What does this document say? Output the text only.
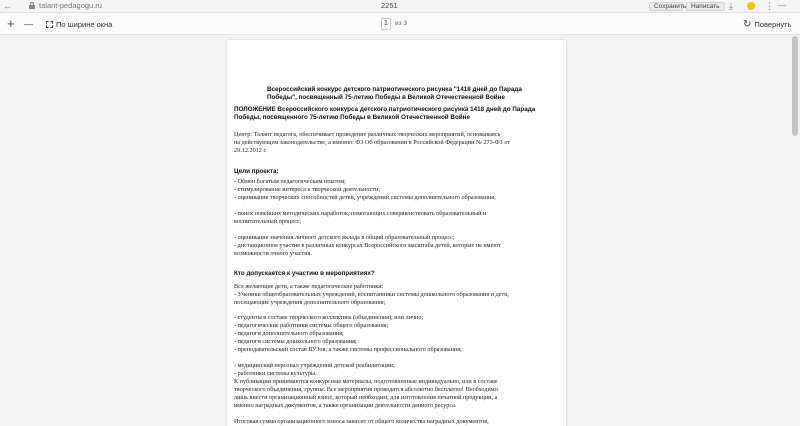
←	talant-pedagogu.ru	2251	Сохранить Написать	⤓	⋮ —
+ —	По ширине окна	1	из 3	↻ Повернуть
Всероссийский конкурс детского патриотического рисунка "1418 дней до Парада Победы", посвященный 75-летию Победы в Великой Отечественной Войне
ПОЛОЖЕНИЕ Всероссийского конкурса детского патриотического рисунка 1418 дней до Парада Победы, посвященного 75-летию Победы в Великой Отечественной Войне
Центр: Талант педагога, обеспечивает проведение различных творческих мероприятий, основываясь
на действующем законодательстве, а именно: ФЗ Об образовании в Российской Федерации № 273-ФЗ от
29.12.2012 г.
Цели проекта:
- Обмен богатым педагогическим опытом;
- стимулирование интереса к творческой деятельности;
- оценивание творческих способностей детей, учреждений системы дополнительного образования;
- поиск новейших методических наработок, помогающих совершенствовать образовательный и
воспитательный процесс;
- оценивание значения личного детского вклада в общий образовательный процесс;
- дистанционное участие в различных конкурсах Всероссийского масштаба детей, которые не имеют
возможности очного участия.
Кто допускается к участию в мероприятиях?
Все желающие дети, а также педагогические работники:
- Ученики общеобразовательных учреждений, воспитанники системы дошкольного образования и дети,
посещающие учреждения дополнительного образования;
- студенты в составе творческого коллектива (объединения), или лично;
- педагогические работники системы общего образования;
- педагоги дополнительного образования;
- педагоги системы дошкольного образования;
- преподавательский состав ВУЗов, а также системы профессионального образования;
- медицинский персонал учреждений детской реабилитации;
- работники системы культуры.
К публикации принимаются конкурсные материалы, подготовленные индивидуально, или в составе
творческого объединения, группы. Все мероприятия проводятся абсолютно бесплатно! Необходимо
лишь внести организационный взнос, который необходим, для изготовления печатной продукции, а
именно наградных документов, а также организации деятельности данного ресурса.
Итоговая сумма организационного взноса зависит от общего количества наградных документов,
